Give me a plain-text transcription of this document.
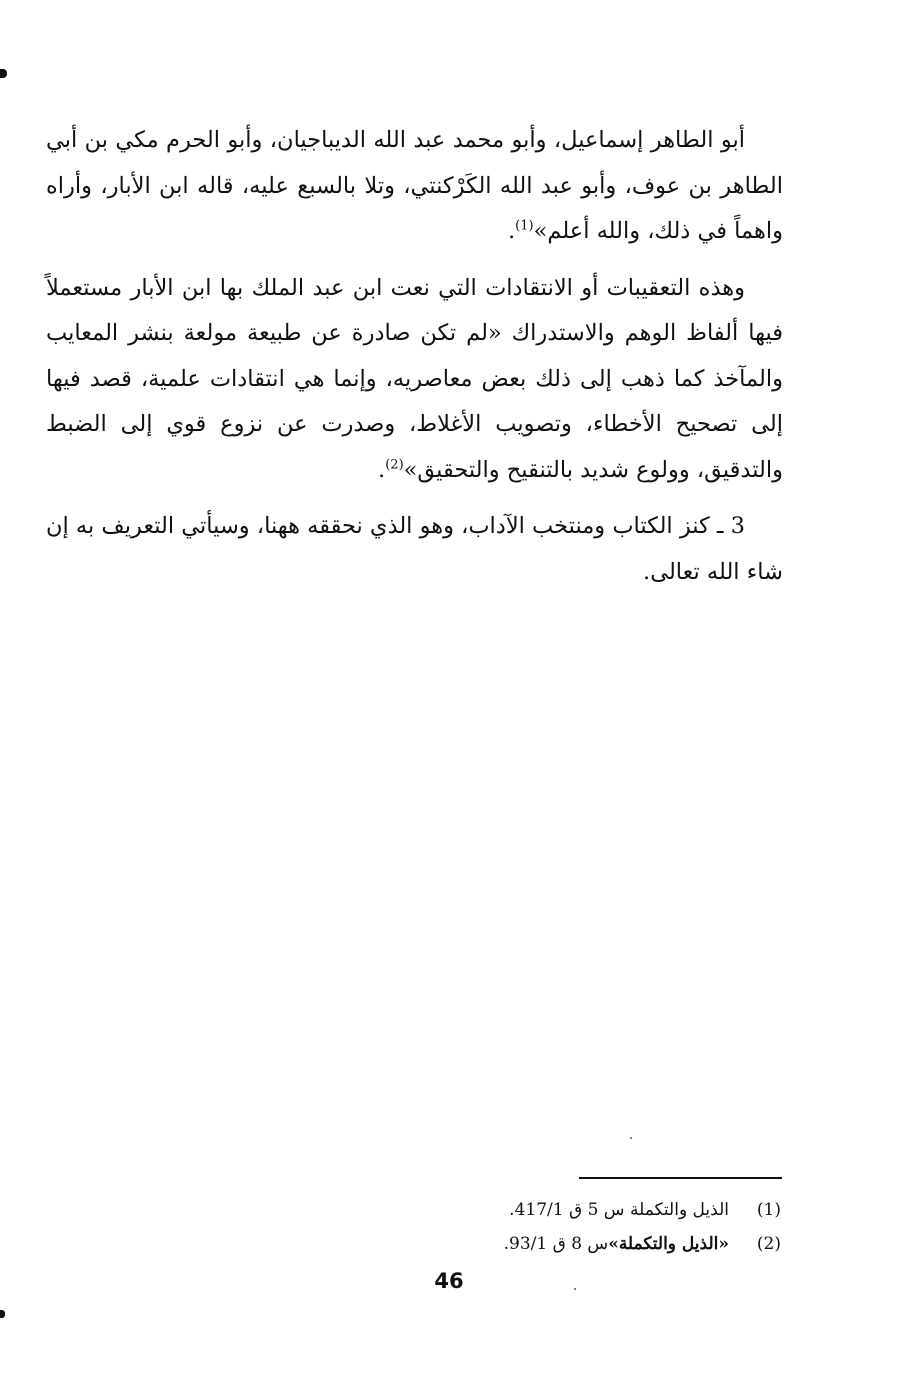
أبو الطاهر إسماعيل، وأبو محمد عبد الله الديباجيان، وأبو الحرم مكي بن أبي الطاهر بن عوف، وأبو عبد الله الكَرْكنتي، وتلا بالسبع عليه، قاله ابن الأبار، وأراه واهماً في ذلك، والله أعلم»$^{(1)}$.

وهذه التعقيبات أو الانتقادات التي نعت ابن عبد الملك بها ابن الأبار مستعملاً فيها ألفاظ الوهم والاستدراك «لم تكن صادرة عن طبيعة مولعة بنشر المعايب والمآخذ كما ذهب إلى ذلك بعض معاصريه، وإنما هي انتقادات علمية، قصد فيها إلى تصحيح الأخطاء، وتصويب الأغلاط، وصدرت عن نزوع قوي إلى الضبط والتدقيق، وولوع شديد بالتنقيح والتحقيق»$^{(2)}$.

3 ـ كنز الكتاب ومنتخب الآداب، وهو الذي نحققه ههنا، وسيأتي التعريف به إن شاء الله تعالى.

(1)
الذيل والتكملة س 5 ق 417/1.
(2)
«الذيل والتكملة»
س 8 ق 93/1.
46
